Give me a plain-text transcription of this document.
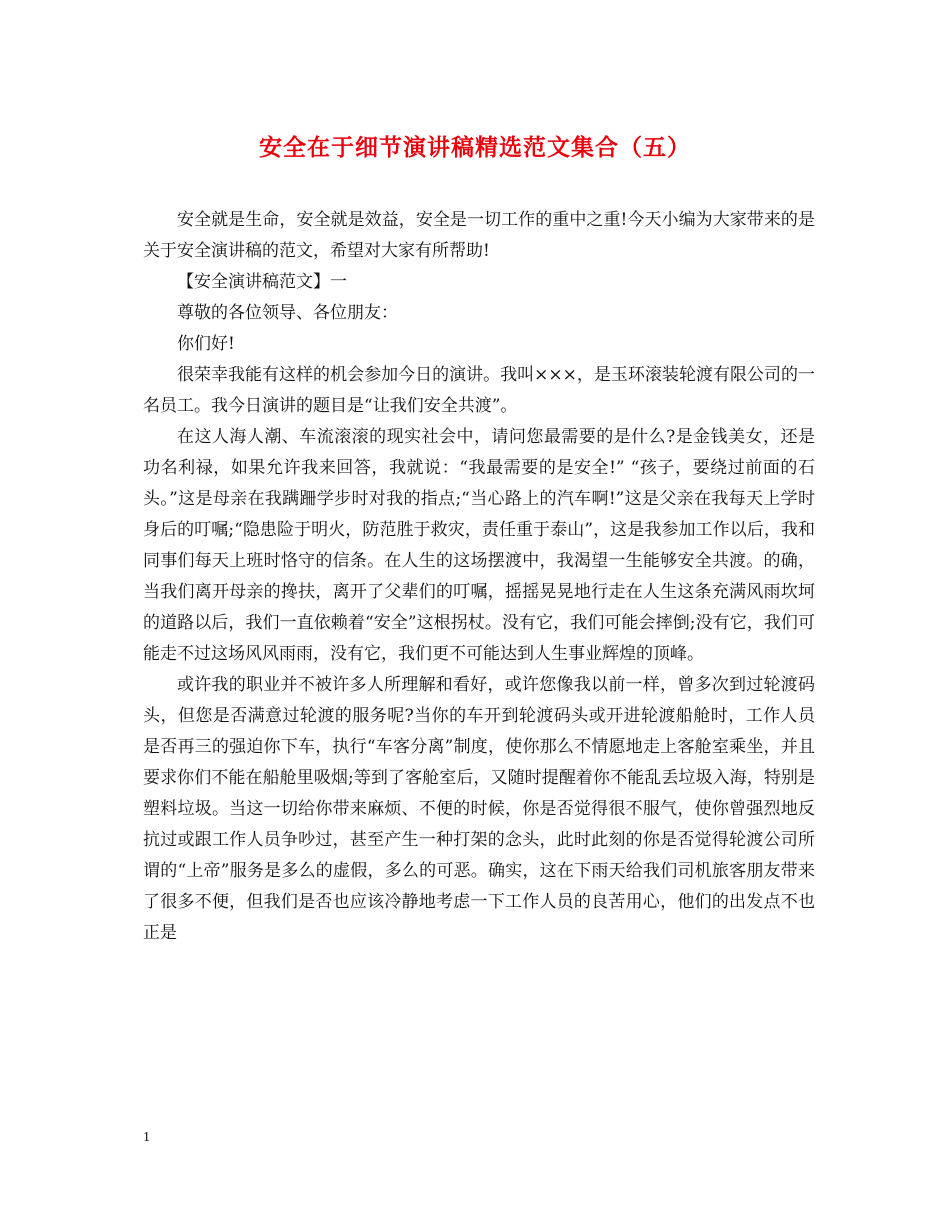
安全在于细节演讲稿精选范文集合（五）

安全就是生命，安全就是效益，安全是一切工作的重中之重!今天小编为大家带来的是关于安全演讲稿的范文，希望对大家有所帮助!

【安全演讲稿范文】一

尊敬的各位领导、各位朋友：

你们好!

很荣幸我能有这样的机会参加今日的演讲。我叫×××，是玉环滚装轮渡有限公司的一名员工。我今日演讲的题目是“让我们安全共渡”。

在这人海人潮、车流滚滚的现实社会中，请问您最需要的是什么?是金钱美女，还是功名利禄，如果允许我来回答，我就说：“我最需要的是安全!” “孩子，要绕过前面的石头。”这是母亲在我蹒跚学步时对我的指点;“当心路上的汽车啊!”这是父亲在我每天上学时身后的叮嘱;“隐患险于明火，防范胜于救灾，责任重于泰山”，这是我参加工作以后，我和同事们每天上班时恪守的信条。在人生的这场摆渡中，我渴望一生能够安全共渡。的确，当我们离开母亲的搀扶，离开了父辈们的叮嘱，摇摇晃晃地行走在人生这条充满风雨坎坷的道路以后，我们一直依赖着“安全”这根拐杖。没有它，我们可能会摔倒;没有它，我们可能走不过这场风风雨雨，没有它，我们更不可能达到人生事业辉煌的顶峰。

或许我的职业并不被许多人所理解和看好，或许您像我以前一样，曾多次到过轮渡码头，但您是否满意过轮渡的服务呢?当你的车开到轮渡码头或开进轮渡船舱时，工作人员是否再三的强迫你下车，执行“车客分离”制度，使你那么不情愿地走上客舱室乘坐，并且要求你们不能在船舱里吸烟;等到了客舱室后，又随时提醒着你不能乱丢垃圾入海，特别是塑料垃圾。当这一切给你带来麻烦、不便的时候，你是否觉得很不服气，使你曾强烈地反抗过或跟工作人员争吵过，甚至产生一种打架的念头，此时此刻的你是否觉得轮渡公司所谓的“上帝”服务是多么的虚假，多么的可恶。确实，这在下雨天给我们司机旅客朋友带来了很多不便，但我们是否也应该冷静地考虑一下工作人员的良苦用心，他们的出发点不也正是

1
